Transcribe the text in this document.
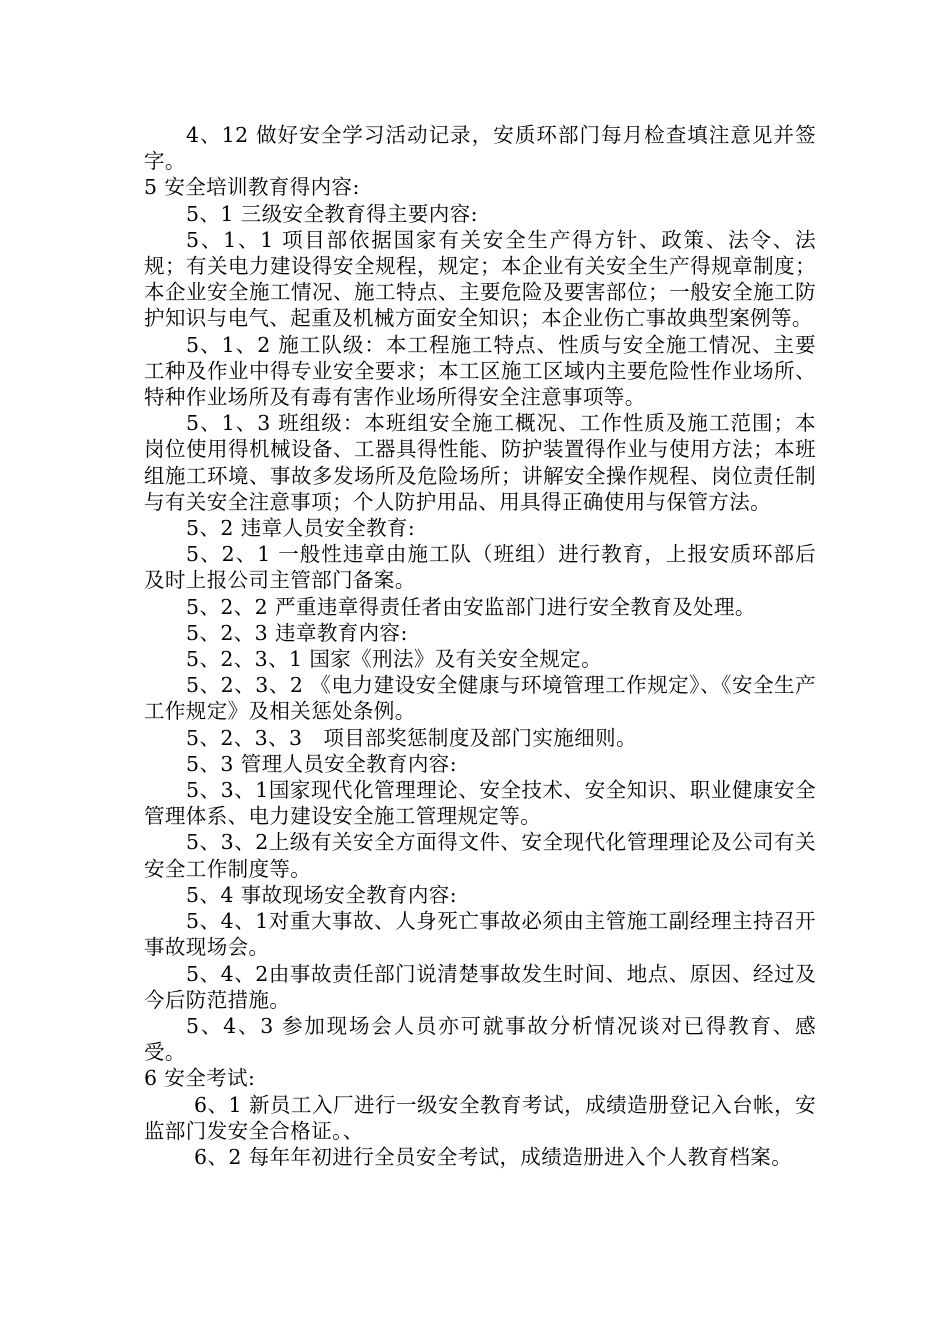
4、12 做好安全学习活动记录，安质环部门每月检查填注意见并签字。

5 安全培训教育得内容:

5、1 三级安全教育得主要内容:

5、1、1 项目部依据国家有关安全生产得方针、政策、法令、法规；有关电力建设得安全规程，规定；本企业有关安全生产得规章制度；本企业安全施工情况、施工特点、主要危险及要害部位；一般安全施工防护知识与电气、起重及机械方面安全知识；本企业伤亡事故典型案例等。

5、1、2 施工队级：本工程施工特点、性质与安全施工情况、主要工种及作业中得专业安全要求；本工区施工区域内主要危险性作业场所、特种作业场所及有毒有害作业场所得安全注意事项等。

5、1、3 班组级：本班组安全施工概况、工作性质及施工范围；本岗位使用得机械设备、工器具得性能、防护装置得作业与使用方法；本班组施工环境、事故多发场所及危险场所；讲解安全操作规程、岗位责任制与有关安全注意事项；个人防护用品、用具得正确使用与保管方法。

5、2 违章人员安全教育:

5、2、1 一般性违章由施工队（班组）进行教育，上报安质环部后及时上报公司主管部门备案。

5、2、2 严重违章得责任者由安监部门进行安全教育及处理。

5、2、3 违章教育内容:

5、2、3、1 国家《刑法》及有关安全规定。

5、2、3、2 《电力建设安全健康与环境管理工作规定》、《安全生产工作规定》及相关惩处条例。

5、2、3、3　项目部奖惩制度及部门实施细则。

5、3 管理人员安全教育内容:

5、3、1国家现代化管理理论、安全技术、安全知识、职业健康安全管理体系、电力建设安全施工管理规定等。

5、3、2上级有关安全方面得文件、安全现代化管理理论及公司有关安全工作制度等。

5、4 事故现场安全教育内容:

5、4、1对重大事故、人身死亡事故必须由主管施工副经理主持召开事故现场会。

5、4、2由事故责任部门说清楚事故发生时间、地点、原因、经过及今后防范措施。

5、4、3 参加现场会人员亦可就事故分析情况谈对已得教育、感受。

6 安全考试:

6、1 新员工入厂进行一级安全教育考试，成绩造册登记入台帐，安监部门发安全合格证。、

6、2 每年年初进行全员安全考试，成绩造册进入个人教育档案。
